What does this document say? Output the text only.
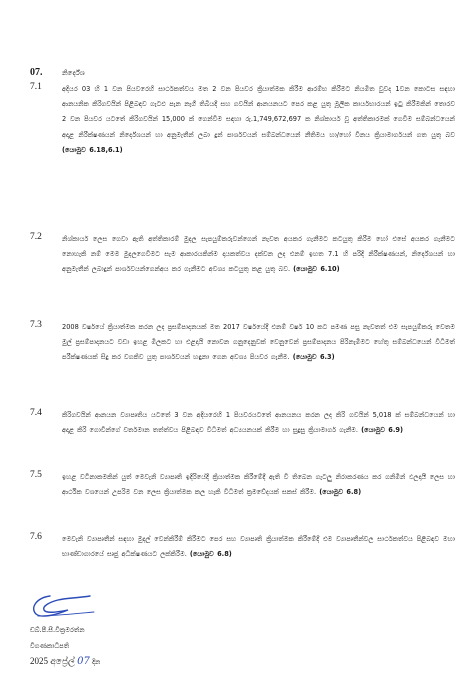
07.	නිර්දේශ
7.1	අදියර 03 හි 1 වන පියවරෙහි සාර්ථකත්වය මත 2 වන පියවර ක්‍රියාත්මක කිරීම ආරම්භ කිරීමට නියමිත වුවද 1වන කොටස සඳහා ආනයනික කිරිගවයින් පිළිබඳව ගැටළු පැන නැගී තිබියදී සහ ගවයින් ආනයනයට පෙර කළ යුතු මූලික කාර්යභාරයන් ඉටු කිරීමකින් තොරව 2 වන පියවර යටතේ කිරිගවයින් 15,000 ක් ගෙන්වීම සඳහා රු.1,749,672,697 ක නිශ්කාර්ය වූ අත්තිකාරමක් ගෙවීම සම්බන්ධයෙන් අදාළ නිරීක්ෂණයන් නිර්දේශයන් හා අනුමැතීන් ලබා දුන් පාර්ශවයන් සම්බන්ධයෙන් නීතිමය හා/හෝ විනය ක්‍රියාමාර්ගයන් ගත යුතු බව (යොමුව 6.18,6.1)
7.2	නිශ්කාර්ය ලෙස ගෙවා ඇති අත්තිකාරම් මුදල සැපයුම්කරුවන්ගෙන් නැවත අයකර ගැනීමට කටයුතු කිරීම හෝ එසේ අයකර ගැනීමට නොහැකි නම් මෙම මුදලගෙවීමට සැම ආකාරයකින්ම දායකත්වය දක්වන ලද එනම් ඉහත 7.1 හි පරිදි නිරීක්ෂණයන්, නිර්දේශයන් හා අනුමැතීන් ලබාදුන් පාර්ශවයන්ගෙන්අය කර ගැනීමට අවශ්‍ය කටයුතු කළ යුතු බව. (යොමුව 6.10)
7.3	2008 වර්ෂයේ ක්‍රියාත්මක කරන ලද ප්‍රසම්පාදනයක් මත 2017 වර්ෂයේදී එනම් වර්ෂ 10 කට පමණ පසු නැවතත් එම සැපයුම්කරු වෙතම මුල් ප්‍රසම්පාදනයට වඩා ඉහළ මිලකට හා එළදායි නොවන ගනුදෙනුවක් වෙනුවෙන් ප්‍රසම්පාදනය පිරිනැමීමට හේතු සම්බන්ධයෙන් විධිමත් පරීක්ෂණයක් සිදු කර වගකිව යුතු පාර්ශවයන් හඳුනා ගෙන අවශ්‍ය පියවර ගැනීම. (යොමුව 6.3)
7.4	කිරිගවයින් ආනයන ව්‍යාපෘතිය යටතේ 3 වන අදියරෙහි 1 පියවරයටතේ ආනයනය කරන ලද කිරි ගවයින් 5,018 ක් සම්බන්ධයෙන් හා අදාළ කිරි ගොවීන්ගේ වර්තමාන තත්ත්වය පිළිබඳව විධිමත් අධ්‍යයනයක් කිරීම හා සුදුසු ක්‍රියාමාර්ග ගැනීම. (යොමුව 6.9)
7.5	ඉහළ වටිනාකමකින් යුත් මෙවැනි ව්‍යාපෘති ඉදිරියේදී ක්‍රියාත්මක කිරීමේදී ඇති වි තිබෙන ගැටලු නිරාකරණය කර ගනිමින් ඵලදායී ලෙස හා ආර්ථික වශයෙන් උපරිම වන ලෙස ක්‍රියාත්මක කල හැකි විධිමත් ක්‍රමවේදයක් සකස් කිරීම. (යොමුව 6.8)
7.6	මෙවැනි ව්‍යාපෘතීන් සඳහා මුදල් වෙන්කිරීම් කිරීමට පෙර සහ ව්‍යාපෘති ක්‍රියාත්මක කිරීමේදී එම ව්‍යාපෘතීන්වල සාර්ථකත්වය පිළිබඳව මහා භාණ්ඩාගාරයේ සෘජු අධීක්ෂණයට ලක්කිරීම. (යොමුව 6.8)
ඩබ්.පී.සී.වික්‍රමරත්න
විගණකාධිපති
2025 අප්‍රේල් 07 දින
